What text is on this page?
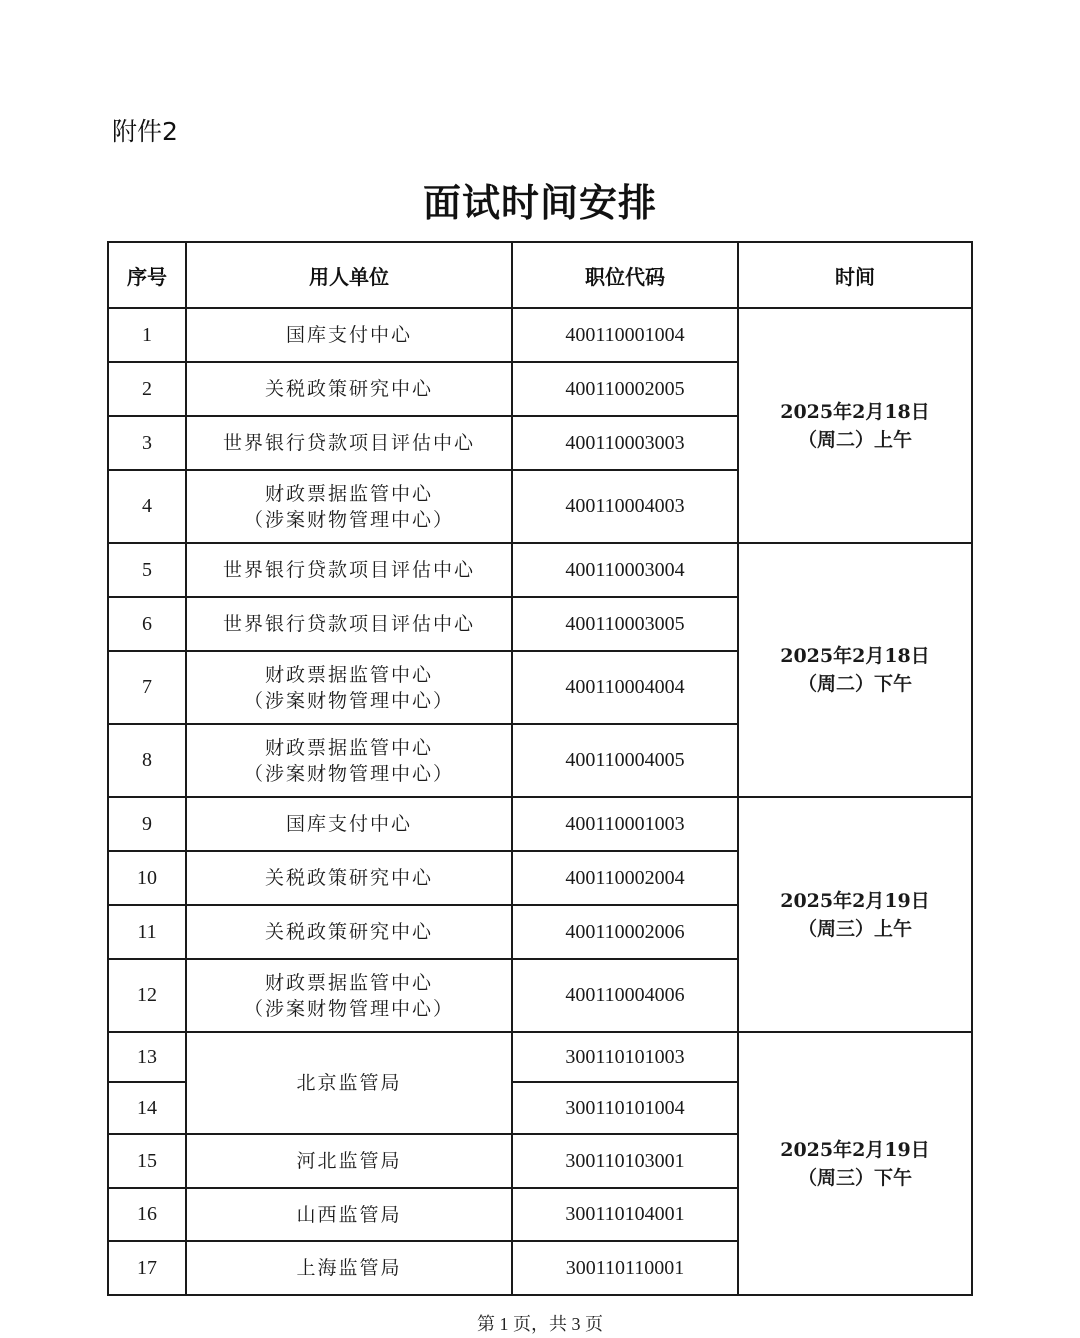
附件2
面试时间安排
序号	用人单位	职位代码	时间
1	国库支付中心	400110001004	2025年2月18日
（周二）上午

2	关税政策研究中心	400110002005	
3	世界银行贷款项目评估中心	400110003003	
4	财政票据监管中心
（涉案财物管理中心）	400110004003	
5	世界银行贷款项目评估中心	400110003004	2025年2月18日
（周二）下午

6	世界银行贷款项目评估中心	400110003005	
7	财政票据监管中心
（涉案财物管理中心）	400110004004	
8	财政票据监管中心
（涉案财物管理中心）	400110004005	
9	国库支付中心	400110001003	2025年2月19日
（周三）上午

10	关税政策研究中心	400110002004	
11	关税政策研究中心	400110002006	
12	财政票据监管中心
（涉案财物管理中心）	400110004006	
13	北京监管局	300110101003	2025年2月19日
（周三）下午

14		300110101004	
15	河北监管局	300110103001	
16	山西监管局	300110104001	
17	上海监管局	300110110001	
第 1 页，共 3 页
